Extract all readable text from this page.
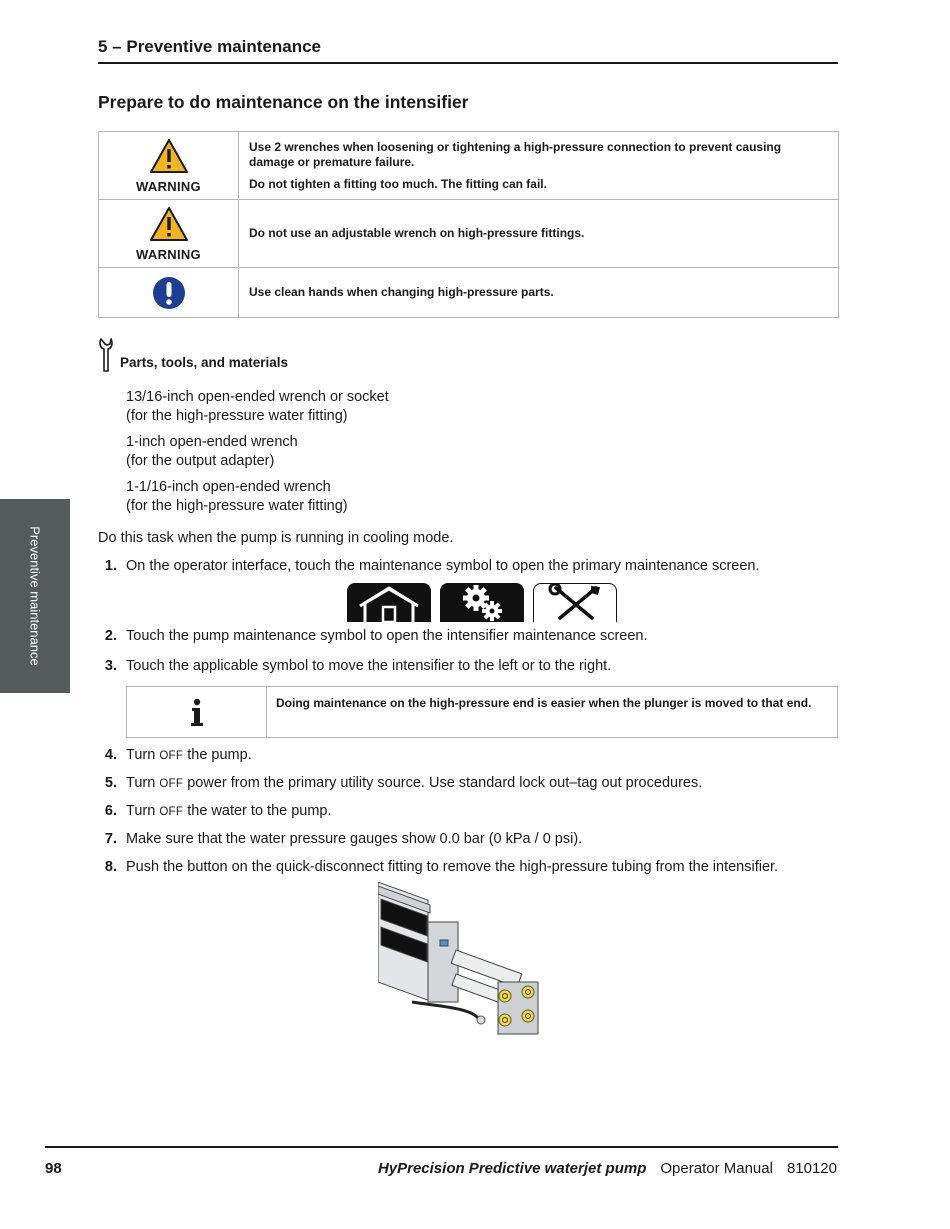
5 – Preventive maintenance
Prepare to do maintenance on the intensifier
WARNING	Use 2 wrenches when loosening or tightening a high-pressure connection to prevent causing damage or premature failure.
Do not tighten a fitting too much. The fitting can fail.

WARNING	Do not use an adjustable wrench on high-pressure fittings.

Use clean hands when changing high-pressure parts.
Parts, tools, and materials
13/16-inch open-ended wrench or socket
(for the high-pressure water fitting)
1-inch open-ended wrench
(for the output adapter)
1-1/16-inch open-ended wrench
(for the high-pressure water fitting)
Do this task when the pump is running in cooling mode.
1. On the operator interface, touch the maintenance symbol to open the primary maintenance screen.
2. Touch the pump maintenance symbol to open the intensifier maintenance screen.
3. Touch the applicable symbol to move the intensifier to the left or to the right.
Doing maintenance on the high-pressure end is easier when the plunger is moved to that end.
4. Turn OFF the pump.
5. Turn OFF power from the primary utility source. Use standard lock out–tag out procedures.
6. Turn OFF the water to the pump.
7. Make sure that the water pressure gauges show 0.0 bar (0 kPa / 0 psi).
8. Push the button on the quick-disconnect fitting to remove the high-pressure tubing from the intensifier.
Preventive maintenance
98	HyPrecision Predictive waterjet pump Operator Manual 810120
